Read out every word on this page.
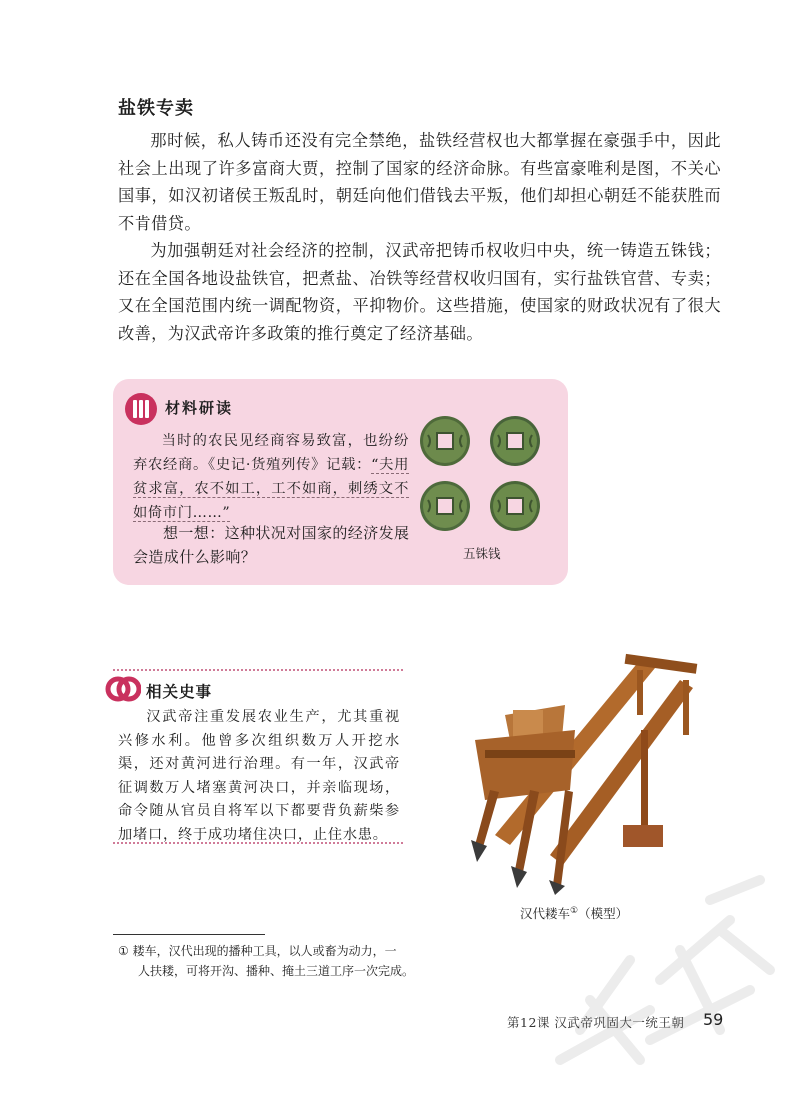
盐铁专卖

那时候，私人铸币还没有完全禁绝，盐铁经营权也大都掌握在豪强手中，因此社会上出现了许多富商大贾，控制了国家的经济命脉。有些富豪唯利是图，不关心国事，如汉初诸侯王叛乱时，朝廷向他们借钱去平叛，他们却担心朝廷不能获胜而不肯借贷。

为加强朝廷对社会经济的控制，汉武帝把铸币权收归中央，统一铸造五铢钱；还在全国各地设盐铁官，把煮盐、冶铁等经营权收归国有，实行盐铁官营、专卖；又在全国范围内统一调配物资，平抑物价。这些措施，使国家的财政状况有了很大改善，为汉武帝许多政策的推行奠定了经济基础。

材料研读

当时的农民见经商容易致富，也纷纷弃农经商。《史记·货殖列传》记载：“夫用贫求富，农不如工，工不如商，刺绣文不如倚市门……”

想一想：这种状况对国家的经济发展会造成什么影响？	五铢钱
相关史事

汉武帝注重发展农业生产，尤其重视兴修水利。他曾多次组织数万人开挖水渠，还对黄河进行治理。有一年，汉武帝征调数万人堵塞黄河决口，并亲临现场，命令随从官员自将军以下都要背负薪柴参加堵口，终于成功堵住决口，止住水患。

汉代耧车①（模型）

① 耧车，汉代出现的播种工具，以人或畜为动力，一
人扶耧，可将开沟、播种、掩土三道工序一次完成。

第12课 汉武帝巩固大一统王朝 59
